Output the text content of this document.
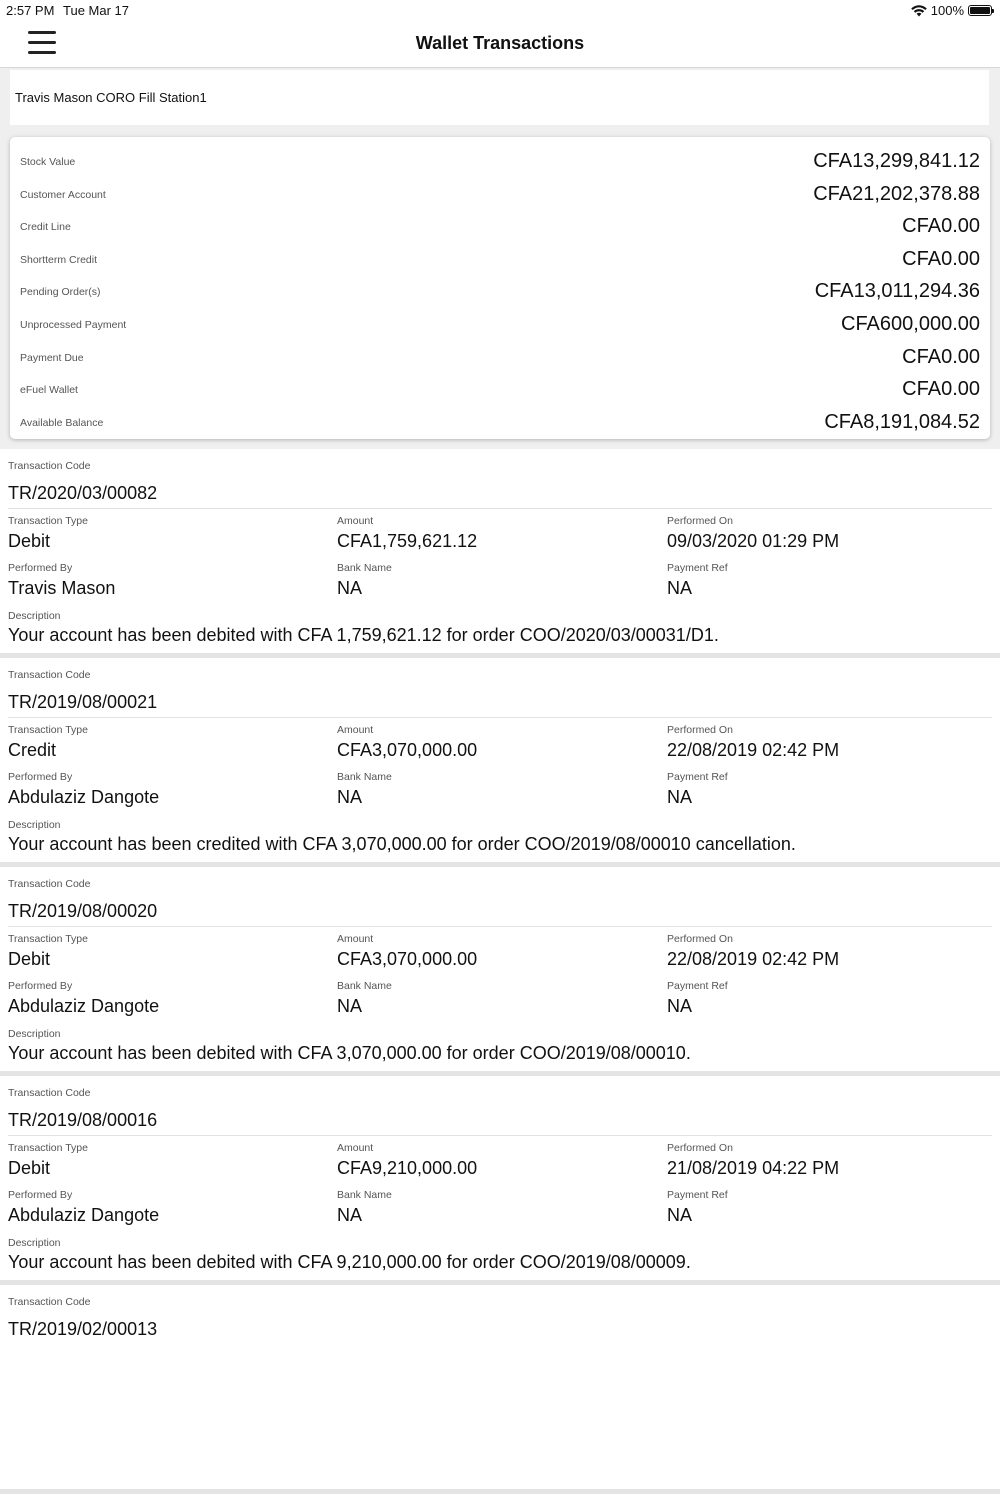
2:57 PM Tue Mar 17	100%
Wallet Transactions
Travis Mason CORO Fill Station1
Stock Value	CFA13,299,841.12
Customer Account	CFA21,202,378.88
Credit Line	CFA0.00
Shortterm Credit	CFA0.00
Pending Order(s)	CFA13,011,294.36
Unprocessed Payment	CFA600,000.00
Payment Due	CFA0.00
eFuel Wallet	CFA0.00
Available Balance	CFA8,191,084.52
Transaction Code
TR/2020/03/00082
Transaction Type
Debit
Amount
CFA1,759,621.12
Performed On
09/03/2020 01:29 PM
Performed By
Travis Mason
Bank Name
NA
Payment Ref
NA
Description
Your account has been debited with CFA 1,759,621.12 for order COO/2020/03/00031/D1.
Transaction Code
TR/2019/08/00021
Transaction Type
Credit
Amount
CFA3,070,000.00
Performed On
22/08/2019 02:42 PM
Performed By
Abdulaziz Dangote
Bank Name
NA
Payment Ref
NA
Description
Your account has been credited with CFA 3,070,000.00 for order COO/2019/08/00010 cancellation.
Transaction Code
TR/2019/08/00020
Transaction Type
Debit
Amount
CFA3,070,000.00
Performed On
22/08/2019 02:42 PM
Performed By
Abdulaziz Dangote
Bank Name
NA
Payment Ref
NA
Description
Your account has been debited with CFA 3,070,000.00 for order COO/2019/08/00010.
Transaction Code
TR/2019/08/00016
Transaction Type
Debit
Amount
CFA9,210,000.00
Performed On
21/08/2019 04:22 PM
Performed By
Abdulaziz Dangote
Bank Name
NA
Payment Ref
NA
Description
Your account has been debited with CFA 9,210,000.00 for order COO/2019/08/00009.
Transaction Code
TR/2019/02/00013
